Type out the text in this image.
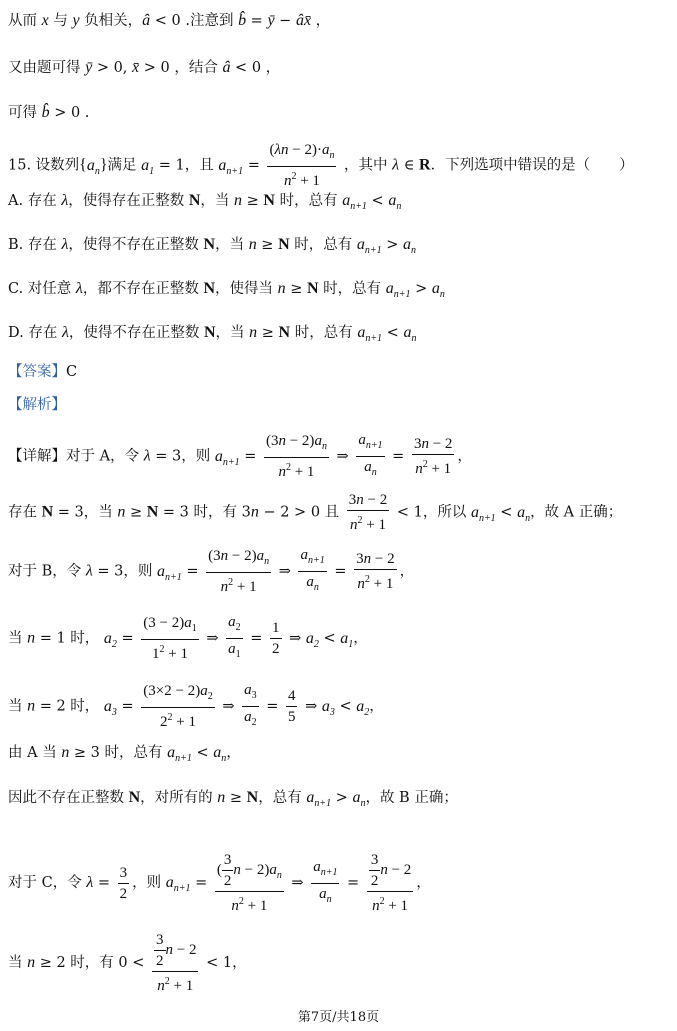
从而 x 与 y 负相关，â < 0 .注意到 b̂ = ȳ − âx̄ ，
又由题可得 ȳ > 0, x̄ > 0 ，结合 â < 0 ，
可得 b̂ > 0 .
15. 设数列$\{a_n\}$满足 $a_1 = 1$，且 $a_{n+1} = \frac{(\lambda n - 2)\cdot a_n}{n^2 + 1}$ ，其中 λ ∈ R．下列选项中错误的是（　　）
A. 存在 λ，使得存在正整数 N，当 n ≥ N 时，总有 $a_{n+1} < a_n$
B. 存在 λ，使得不存在正整数 N，当 n ≥ N 时，总有 $a_{n+1} > a_n$
C. 对任意 λ，都不存在正整数 N，使得当 n ≥ N 时，总有 $a_{n+1} > a_n$
D. 存在 λ，使得不存在正整数 N，当 n ≥ N 时，总有 $a_{n+1} < a_n$
【答案】C
【解析】
【详解】对于 A，令 λ = 3，则 $a_{n+1} = \frac{(3n - 2)a_n}{n^2 + 1}$ ⇒ $\frac{a_{n+1}}{a_n} = \frac{3n - 2}{n^2 + 1}$ ，
存在 N = 3，当 n ≥ N = 3 时，有 3n − 2 > 0 且 $\frac{3n - 2}{n^2 + 1} < 1$，所以 $a_{n+1} < a_n$，故 A 正确；
对于 B，令 λ = 3，则 $a_{n+1} = \frac{(3n - 2)a_n}{n^2 + 1}$ ⇒ $\frac{a_{n+1}}{a_n} = \frac{3n - 2}{n^2 + 1}$ ，
当 n = 1 时， $a_2 = \frac{(3 - 2)a_1}{1^2 + 1}$ ⇒ $\frac{a_2}{a_1} = \frac{1}{2}$ ⇒ $a_2 < a_1$，
当 n = 2 时， $a_3 = \frac{(3\times 2 - 2)a_2}{2^2 + 1}$ ⇒ $\frac{a_3}{a_2} = \frac{4}{5}$ ⇒ $a_3 < a_2$，
由 A 当 n ≥ 3 时，总有 $a_{n+1} < a_n$，
因此不存在正整数 N，对所有的 n ≥ N，总有 $a_{n+1} > a_n$，故 B 正确；
对于 C，令 $\lambda = \frac{3}{2}$ ，则 $a_{n+1} = \frac{( \frac{3}{2} n - 2)a_n}{n^2 + 1}$ ⇒ $\frac{a_{n+1}}{a_n} = \frac{\frac{3}{2} n - 2}{n^2 + 1}$ ，
当 n ≥ 2 时，有 $0 < \frac{\frac{3}{2} n - 2}{n^2 + 1} < 1$，
第7页/共18页
